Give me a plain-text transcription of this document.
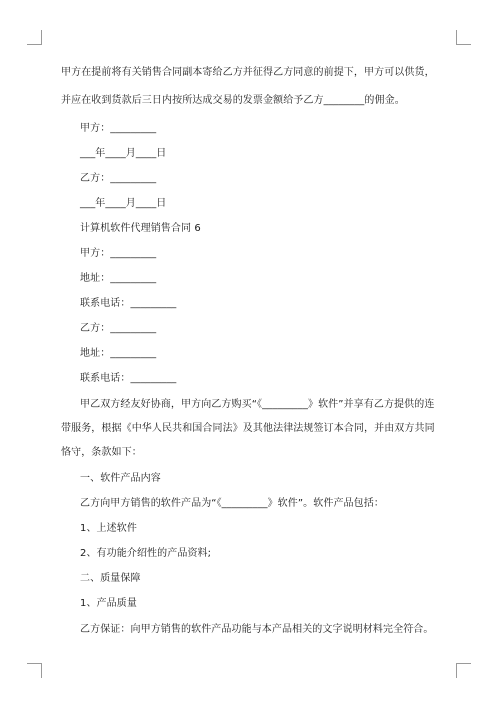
甲方在提前将有关销售合同副本寄给乙方并征得乙方同意的前提下，甲方可以供货，
并应在收到货款后三日内按所达成交易的发票金额给予乙方________的佣金。
甲方：_________
___年____月____日
乙方：_________
___年____月____日
计算机软件代理销售合同 6
甲方：_________
地址：_________
联系电话：_________
乙方：_________
地址：_________
联系电话：_________
甲乙双方经友好协商，甲方向乙方购买“《_________》软件”并享有乙方提供的连
带服务，根据《中华人民共和国合同法》及其他法律法规签订本合同，并由双方共同
恪守，条款如下：
一、软件产品内容
乙方向甲方销售的软件产品为“《_________》软件”。软件产品包括：
1、上述软件
2、有功能介绍性的产品资料;
二、质量保障
1、产品质量
乙方保证：向甲方销售的软件产品功能与本产品相关的文字说明材料完全符合。
